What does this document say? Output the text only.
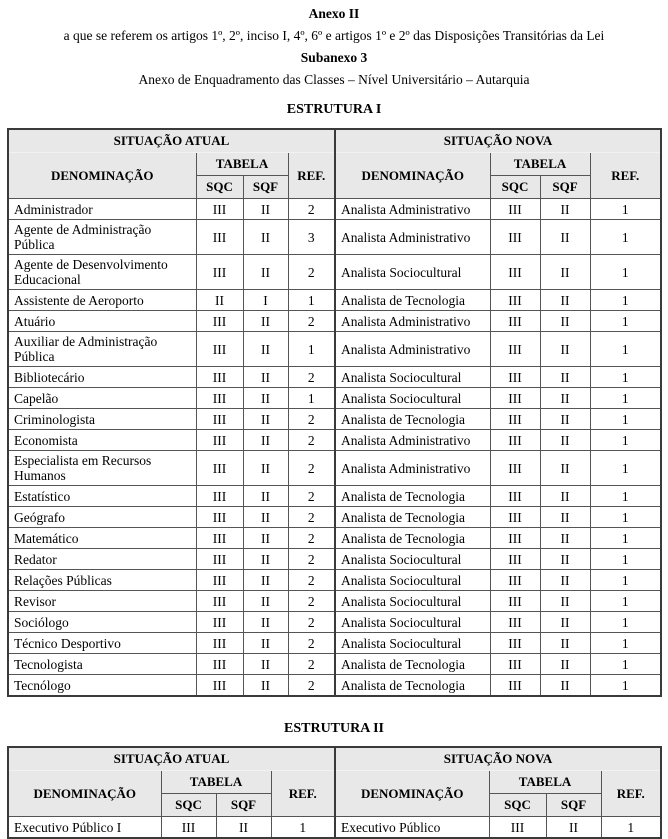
Anexo II

a que se referem os artigos 1º, 2º, inciso I, 4º, 6º e artigos 1º e 2º das Disposições Transitórias da Lei

Subanexo 3

Anexo de Enquadramento das Classes – Nível Universitário – Autarquia

ESTRUTURA I

SITUAÇÃO ATUAL				SITUAÇÃO NOVA			
DENOMINAÇÃO	TABELA		REF.	DENOMINAÇÃO	TABELA		REF.
	SQC	SQF			SQC	SQF	
Administrador	III	II	2	Analista Administrativo	III	II	1
Agente de Administração Pública	III	II	3	Analista Administrativo	III	II	1
Agente de Desenvolvimento Educacional	III	II	2	Analista Sociocultural	III	II	1
Assistente de Aeroporto	II	I	1	Analista de Tecnologia	III	II	1
Atuário	III	II	2	Analista Administrativo	III	II	1
Auxiliar de Administração Pública	III	II	1	Analista Administrativo	III	II	1
Bibliotecário	III	II	2	Analista Sociocultural	III	II	1
Capelão	III	II	1	Analista Sociocultural	III	II	1
Criminologista	III	II	2	Analista de Tecnologia	III	II	1
Economista	III	II	2	Analista Administrativo	III	II	1
Especialista em Recursos Humanos	III	II	2	Analista Administrativo	III	II	1
Estatístico	III	II	2	Analista de Tecnologia	III	II	1
Geógrafo	III	II	2	Analista de Tecnologia	III	II	1
Matemático	III	II	2	Analista de Tecnologia	III	II	1
Redator	III	II	2	Analista Sociocultural	III	II	1
Relações Públicas	III	II	2	Analista Sociocultural	III	II	1
Revisor	III	II	2	Analista Sociocultural	III	II	1
Sociólogo	III	II	2	Analista Sociocultural	III	II	1
Técnico Desportivo	III	II	2	Analista Sociocultural	III	II	1
Tecnologista	III	II	2	Analista de Tecnologia	III	II	1
Tecnólogo	III	II	2	Analista de Tecnologia	III	II	1

ESTRUTURA II

SITUAÇÃO ATUAL				SITUAÇÃO NOVA			
DENOMINAÇÃO	TABELA		REF.	DENOMINAÇÃO	TABELA		REF.
	SQC	SQF			SQC	SQF	
Executivo Público I	III	II	1	Executivo Público	III	II	1
